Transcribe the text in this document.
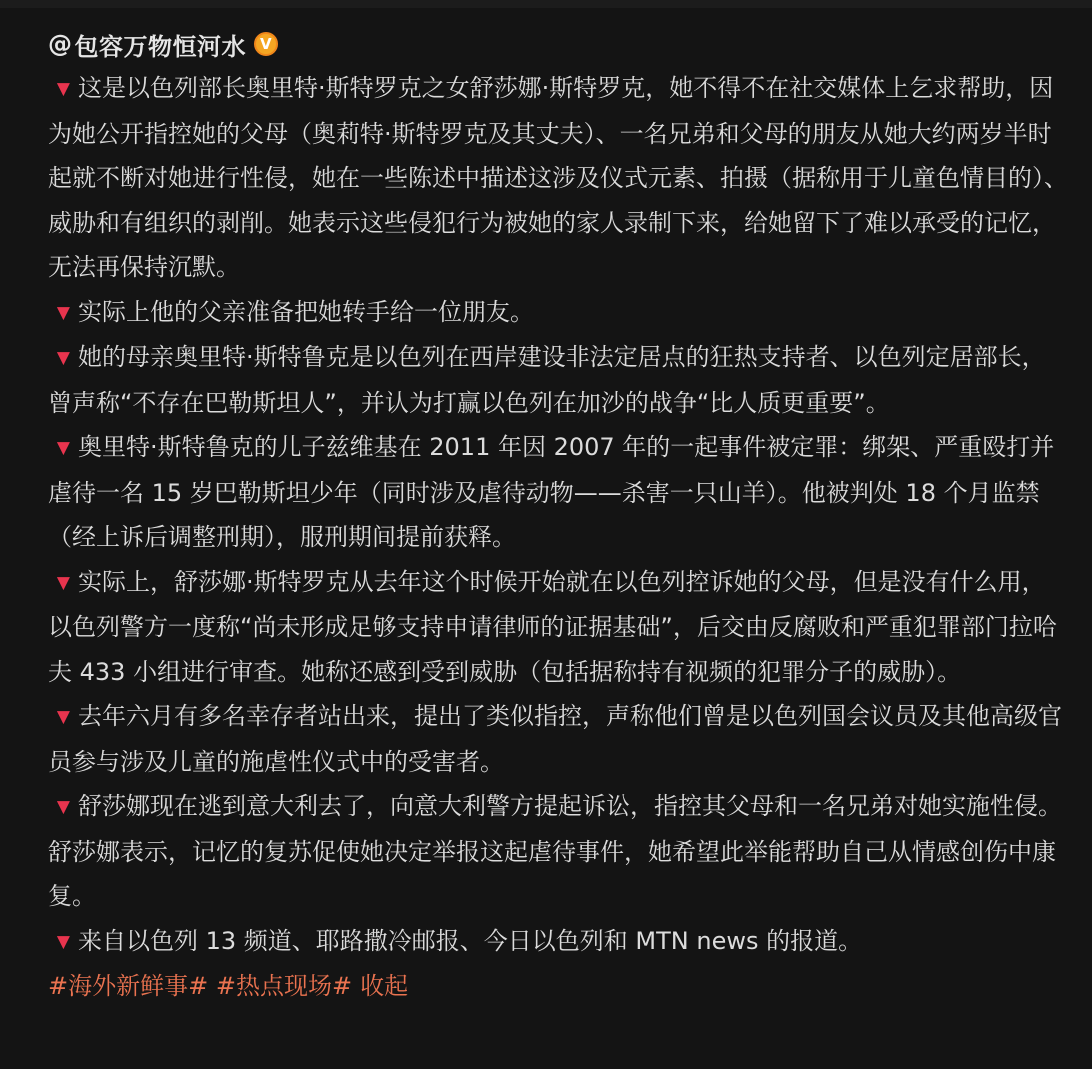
@ 包容万物恒河水 V
▼ 这是以色列部长奥里特·斯特罗克之女舒莎娜·斯特罗克，她不得不在社交媒体上乞求帮助，因为她公开指控她的父母（奥莉特·斯特罗克及其丈夫）、一名兄弟和父母的朋友从她大约两岁半时起就不断对她进行性侵，她在一些陈述中描述这涉及仪式元素、拍摄（据称用于儿童色情目的）、威胁和有组织的剥削。她表示这些侵犯行为被她的家人录制下来，给她留下了难以承受的记忆，无法再保持沉默。
▼ 实际上他的父亲准备把她转手给一位朋友。
▼ 她的母亲奥里特·斯特鲁克是以色列在西岸建设非法定居点的狂热支持者、以色列定居部长，曾声称“不存在巴勒斯坦人”，并认为打赢以色列在加沙的战争“比人质更重要”。
▼ 奥里特·斯特鲁克的儿子兹维基在 2011 年因 2007 年的一起事件被定罪：绑架、严重殴打并虐待一名 15 岁巴勒斯坦少年（同时涉及虐待动物——杀害一只山羊）。他被判处 18 个月监禁（经上诉后调整刑期），服刑期间提前获释。
▼ 实际上，舒莎娜·斯特罗克从去年这个时候开始就在以色列控诉她的父母，但是没有什么用，以色列警方一度称“尚未形成足够支持申请律师的证据基础”，后交由反腐败和严重犯罪部门拉哈夫 433 小组进行审查。她称还感到受到威胁（包括据称持有视频的犯罪分子的威胁）。
▼ 去年六月有多名幸存者站出来，提出了类似指控，声称他们曾是以色列国会议员及其他高级官员参与涉及儿童的施虐性仪式中的受害者。
▼ 舒莎娜现在逃到意大利去了，向意大利警方提起诉讼，指控其父母和一名兄弟对她实施性侵。舒莎娜表示，记忆的复苏促使她决定举报这起虐待事件，她希望此举能帮助自己从情感创伤中康复。
▼ 来自以色列 13 频道、耶路撒冷邮报、今日以色列和 MTN news 的报道。
#海外新鲜事# #热点现场# 收起
